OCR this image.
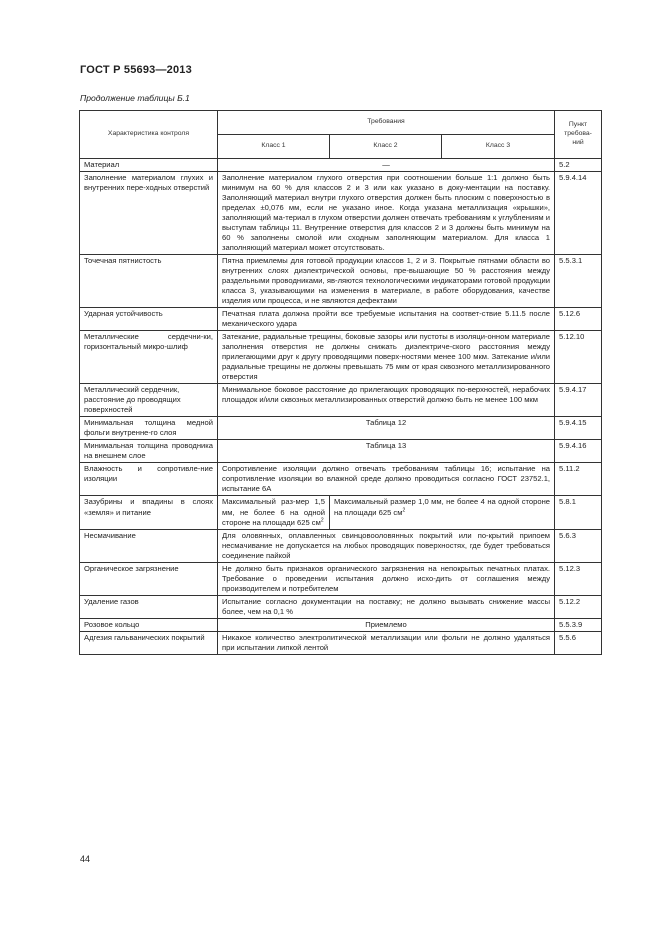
ГОСТ Р 55693—2013
Продолжение таблицы Б.1
Характеристика контроля	Требования			Пункт требова-ний
	Класс 1	Класс 2	Класс 3	
Материал	—			5.2
Заполнение материалом глухих и внутренних пере-ходных отверстий	Заполнение материалом глухого отверстия при соотношении больше 1:1 должно быть минимум на 60 % для классов 2 и 3 или как указано в доку-ментации на поставку. Заполняющий материал внутри глухого отверстия должен быть плоским с поверхностью в пределах ±0,076 мм, если не указано иное. Когда указана металлизация «крышки», заполняющий ма-териал в глухом отверстии должен отвечать требованиям к углублениям и выступам таблицы 11. Внутренние отверстия для классов 2 и 3 должны быть минимум на 60 % заполнены смолой или сходным заполняющим материалом. Для класса 1 заполняющий материал может отсутствовать.			5.9.4.14
Точечная пятнистость	Пятна приемлемы для готовой продукции классов 1, 2 и 3. Покрытые пятнами области во внутренних слоях диэлектрической основы, пре-вышающие 50 % расстояния между раздельными проводниками, яв-ляются технологическими индикаторами готовой продукции класса 3, указывающими на изменения в материале, в работе оборудования, качестве изделия или процесса, и не являются дефектами			5.5.3.1
Ударная устойчивость	Печатная плата должна пройти все требуемые испытания на соответ-ствие 5.11.5 после механического удара			5.12.6
Металлические сердечни-ки, горизонтальный микро-шлиф	Затекание, радиальные трещины, боковые зазоры или пустоты в изоляци-онном материале заполнения отверстия не должны снижать диэлектриче-ского расстояния между прилегающими друг к другу проводящими поверх-ностями менее 100 мкм. Затекание и/или радиальные трещины не должны превышать 75 мкм от края сквозного металлизированного отверстия			5.12.10
Металлический сердечник, расстояние до проводящих поверхностей	Минимальное боковое расстояние до прилегающих проводящих по-верхностей, нерабочих площадок и/или сквозных металлизированных отверстий должно быть не менее 100 мкм			5.9.4.17
Минимальная толщина медной фольги внутренне-го слоя	Таблица 12			5.9.4.15
Минимальная толщина проводника на внешнем слое	Таблица 13			5.9.4.16
Влажность и сопротивле-ние изоляции	Сопротивление изоляции должно отвечать требованиям таблицы 16; испытание на сопротивление изоляции во влажной среде должно проводиться согласно ГОСТ 23752.1, испытание 6А			5.11.2
Зазубрины и впадины в слоях «земля» и питание	Максимальный раз-мер 1,5 мм, не более 6 на одной стороне на площади 625 $см^2$	Максимальный размер 1,0 мм, не более 4 на одной стороне на площади 625 $см^2$		5.8.1
Несмачивание	Для оловянных, оплавленных свинцовооловянных покрытий или по-крытий припоем несмачивание не допускается на любых проводящих поверхностях, где будет требоваться соединение пайкой			5.6.3
Органическое загрязнение	Не должно быть признаков органического загрязнения на непокрытых печатных платах. Требование о проведении испытания должно исхо-дить от соглашения между производителем и потребителем			5.12.3
Удаление газов	Испытание согласно документации на поставку; не должно вызывать снижение массы более, чем на 0,1 %			5.12.2
Розовое кольцо	Приемлемо			5.5.3.9
Адгезия гальванических покрытий	Никакое количество электролитической металлизации или фольги не должно удаляться при испытании липкой лентой			5.5.6
44
